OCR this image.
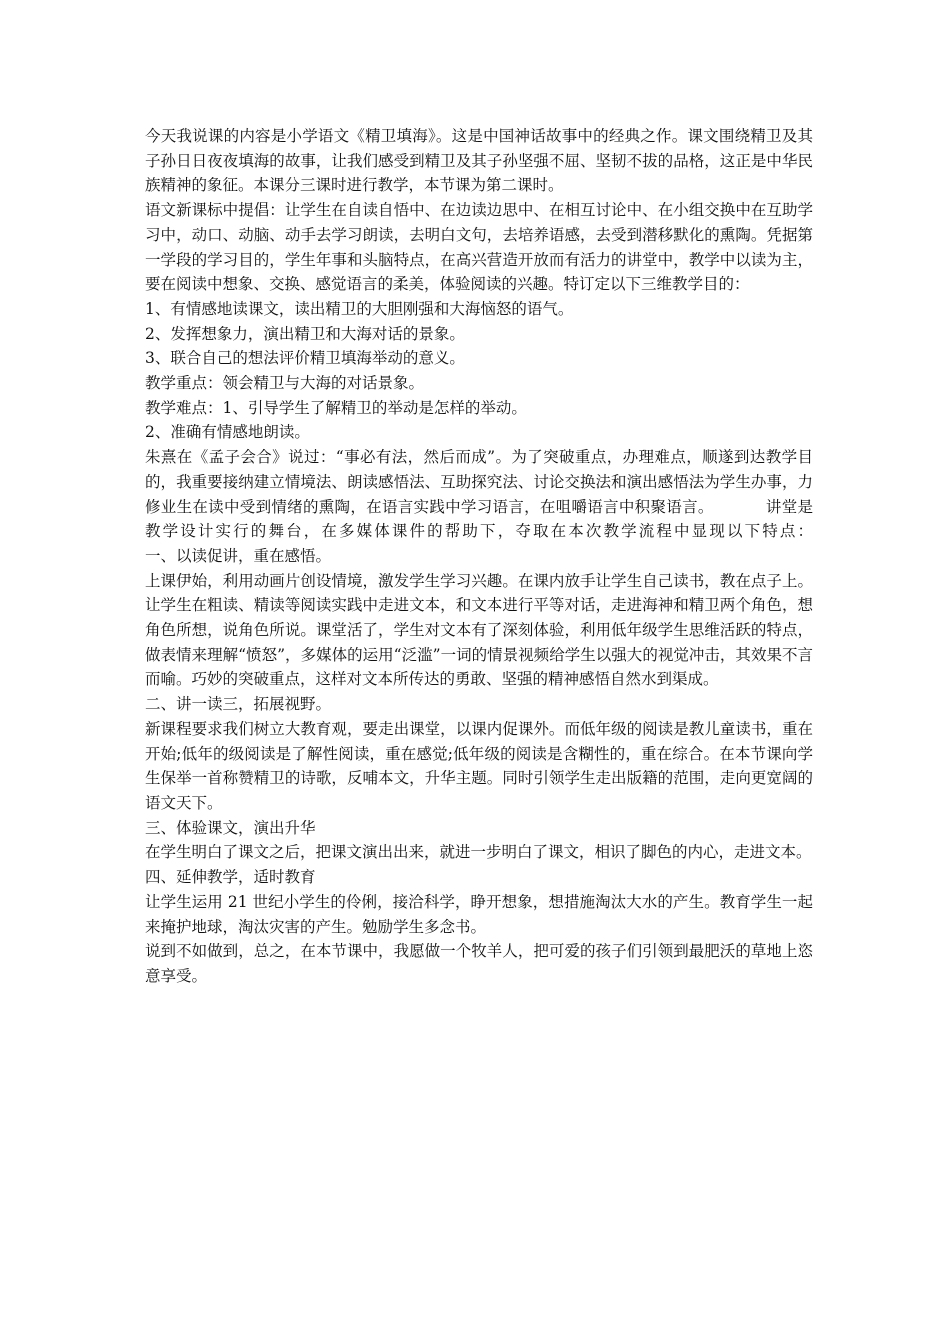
今天我说课的内容是小学语文《精卫填海》。这是中国神话故事中的经典之作。课文围绕精卫及其子孙日日夜夜填海的故事，让我们感受到精卫及其子孙坚强不屈、坚韧不拔的品格，这正是中华民族精神的象征。本课分三课时进行教学，本节课为第二课时。

语文新课标中提倡：让学生在自读自悟中、在边读边思中、在相互讨论中、在小组交换中在互助学习中，动口、动脑、动手去学习朗读，去明白文句，去培养语感，去受到潜移默化的熏陶。凭据第一学段的学习目的，学生年事和头脑特点，在高兴营造开放而有活力的讲堂中，教学中以读为主，要在阅读中想象、交换、感觉语言的柔美，体验阅读的兴趣。特订定以下三维教学目的：

1、有情感地读课文，读出精卫的大胆刚强和大海恼怒的语气。

2、发挥想象力，演出精卫和大海对话的景象。

3、联合自己的想法评价精卫填海举动的意义。

教学重点：领会精卫与大海的对话景象。

教学难点：1、引导学生了解精卫的举动是怎样的举动。

2、准确有情感地朗读。

朱熹在《孟子会合》说过：“事必有法，然后而成”。为了突破重点，办理难点，顺遂到达教学目的，我重要接纳建立情境法、朗读感悟法、互助探究法、讨论交换法和演出感悟法为学生办事，力修业生在读中受到情绪的熏陶，在语言实践中学习语言，在咀嚼语言中积聚语言。          讲堂是教学设计实行的舞台，在多媒体课件的帮助下，夺取在本次教学流程中显现以下特点：          一、以读促讲，重在感悟。

上课伊始，利用动画片创设情境，激发学生学习兴趣。在课内放手让学生自己读书，教在点子上。让学生在粗读、精读等阅读实践中走进文本，和文本进行平等对话，走进海神和精卫两个角色，想角色所想，说角色所说。课堂活了，学生对文本有了深刻体验，利用低年级学生思维活跃的特点，做表情来理解“愤怒”，多媒体的运用“泛滥”一词的情景视频给学生以强大的视觉冲击，其效果不言而喻。巧妙的突破重点，这样对文本所传达的勇敢、坚强的精神感悟自然水到渠成。

二、讲一读三，拓展视野。

新课程要求我们树立大教育观，要走出课堂，以课内促课外。而低年级的阅读是教儿童读书，重在开始;低年的级阅读是了解性阅读，重在感觉;低年级的阅读是含糊性的，重在综合。在本节课向学生保举一首称赞精卫的诗歌，反哺本文，升华主题。同时引领学生走出版籍的范围，走向更宽阔的语文天下。

三、体验课文，演出升华

在学生明白了课文之后，把课文演出出来，就进一步明白了课文，相识了脚色的内心，走进文本。

四、延伸教学，适时教育

让学生运用 21 世纪小学生的伶俐，接洽科学，睁开想象，想措施淘汰大水的产生。教育学生一起来掩护地球，淘汰灾害的产生。勉励学生多念书。

说到不如做到，总之，在本节课中，我愿做一个牧羊人，把可爱的孩子们引领到最肥沃的草地上恣意享受。
